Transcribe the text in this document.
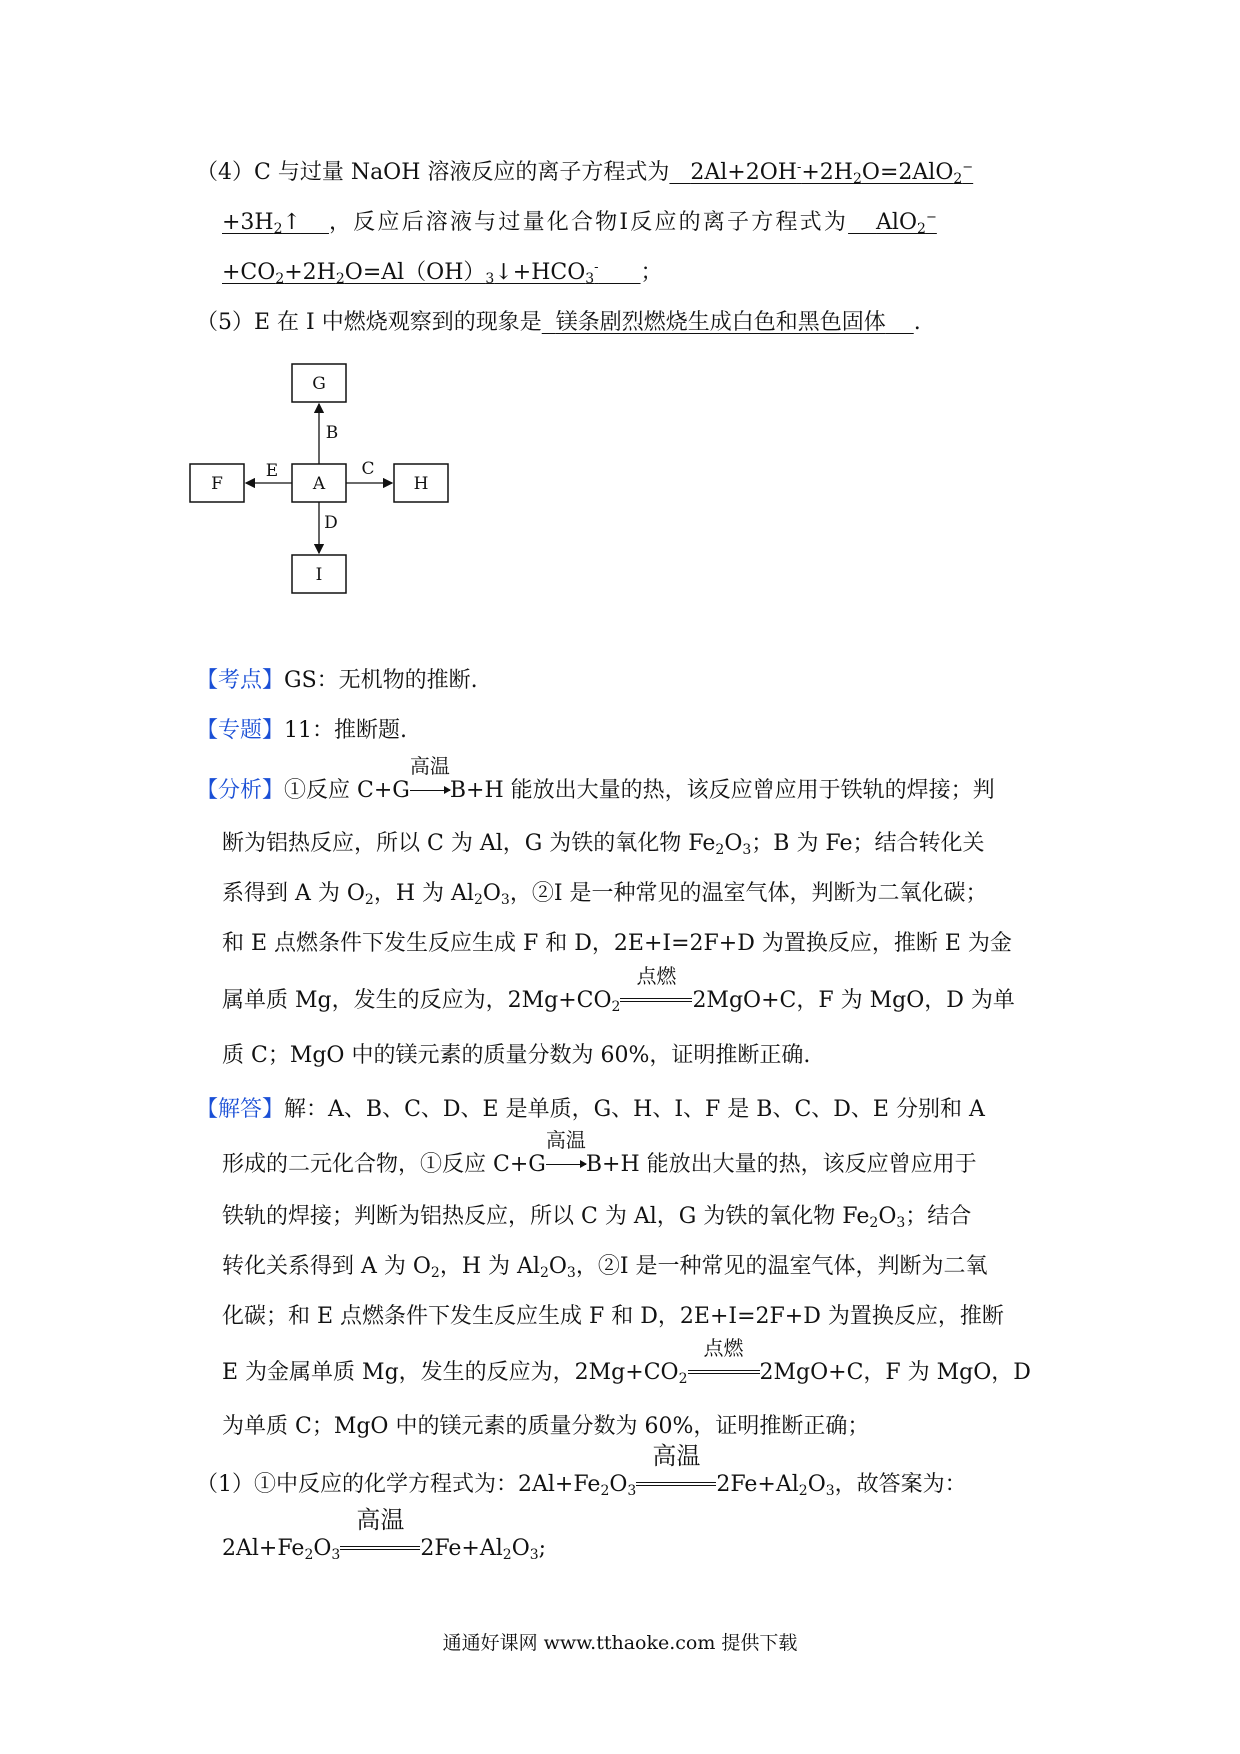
（4）C 与过量 NaOH 溶液反应的离子方程式为 $2Al+2OH^-+2H_2O=2AlO_2^-$
$+3H_2↑$ ，反应后溶液与过量化合物I反应的离子方程式为 AlO$_2$−
$+CO_2+2H_2O=Al(OH)_3↓+HCO_3^-$ ；
（5）E 在 I 中燃烧观察到的现象是 镁条剧烈燃烧生成白色和黑色固体 .
G
F	A	H
I
B
E	C
D
【考点】GS：无机物的推断.
【专题】11：推断题.
【分析】①反应 C+G
高温
B+H 能放出大量的热，该反应曾应用于铁轨的焊接；判
断为铝热反应，所以 C 为 Al，G 为铁的氧化物 $Fe_2O_3$；B 为 Fe；结合转化关
系得到 A 为 $O_2$，H 为 $Al_2O_3$，②I 是一种常见的温室气体，判断为二氧化碳；
和 E 点燃条件下发生反应生成 F 和 D，2E+I=2F+D 为置换反应，推断 E 为金
属单质 Mg，发生的反应为，$2Mg+CO_2$
点燃
2MgO+C，F 为 MgO，D 为单
质 C；MgO 中的镁元素的质量分数为 60%，证明推断正确.
【解答】解：A、B、C、D、E 是单质，G、H、I、F 是 B、C、D、E 分别和 A
形成的二元化合物，①反应 C+G
高温
B+H 能放出大量的热，该反应曾应用于
铁轨的焊接；判断为铝热反应，所以 C 为 Al，G 为铁的氧化物 $Fe_2O_3$；结合
转化关系得到 A 为 $O_2$，H 为 $Al_2O_3$，②I 是一种常见的温室气体，判断为二氧
化碳；和 E 点燃条件下发生反应生成 F 和 D，2E+I=2F+D 为置换反应，推断
E 为金属单质 Mg，发生的反应为，$2Mg+CO_2$
点燃
2MgO+C，F 为 MgO，D
为单质 C；MgO 中的镁元素的质量分数为 60%，证明推断正确；
（1）①中反应的化学方程式为：$2Al+Fe_2O_3$
高温
$2Fe+Al_2O_3$，故答案为：
$2Al+Fe_2O_3$
高温
$2Fe+Al_2O_3$;
通通好课网 www.tthaoke.com 提供下载
